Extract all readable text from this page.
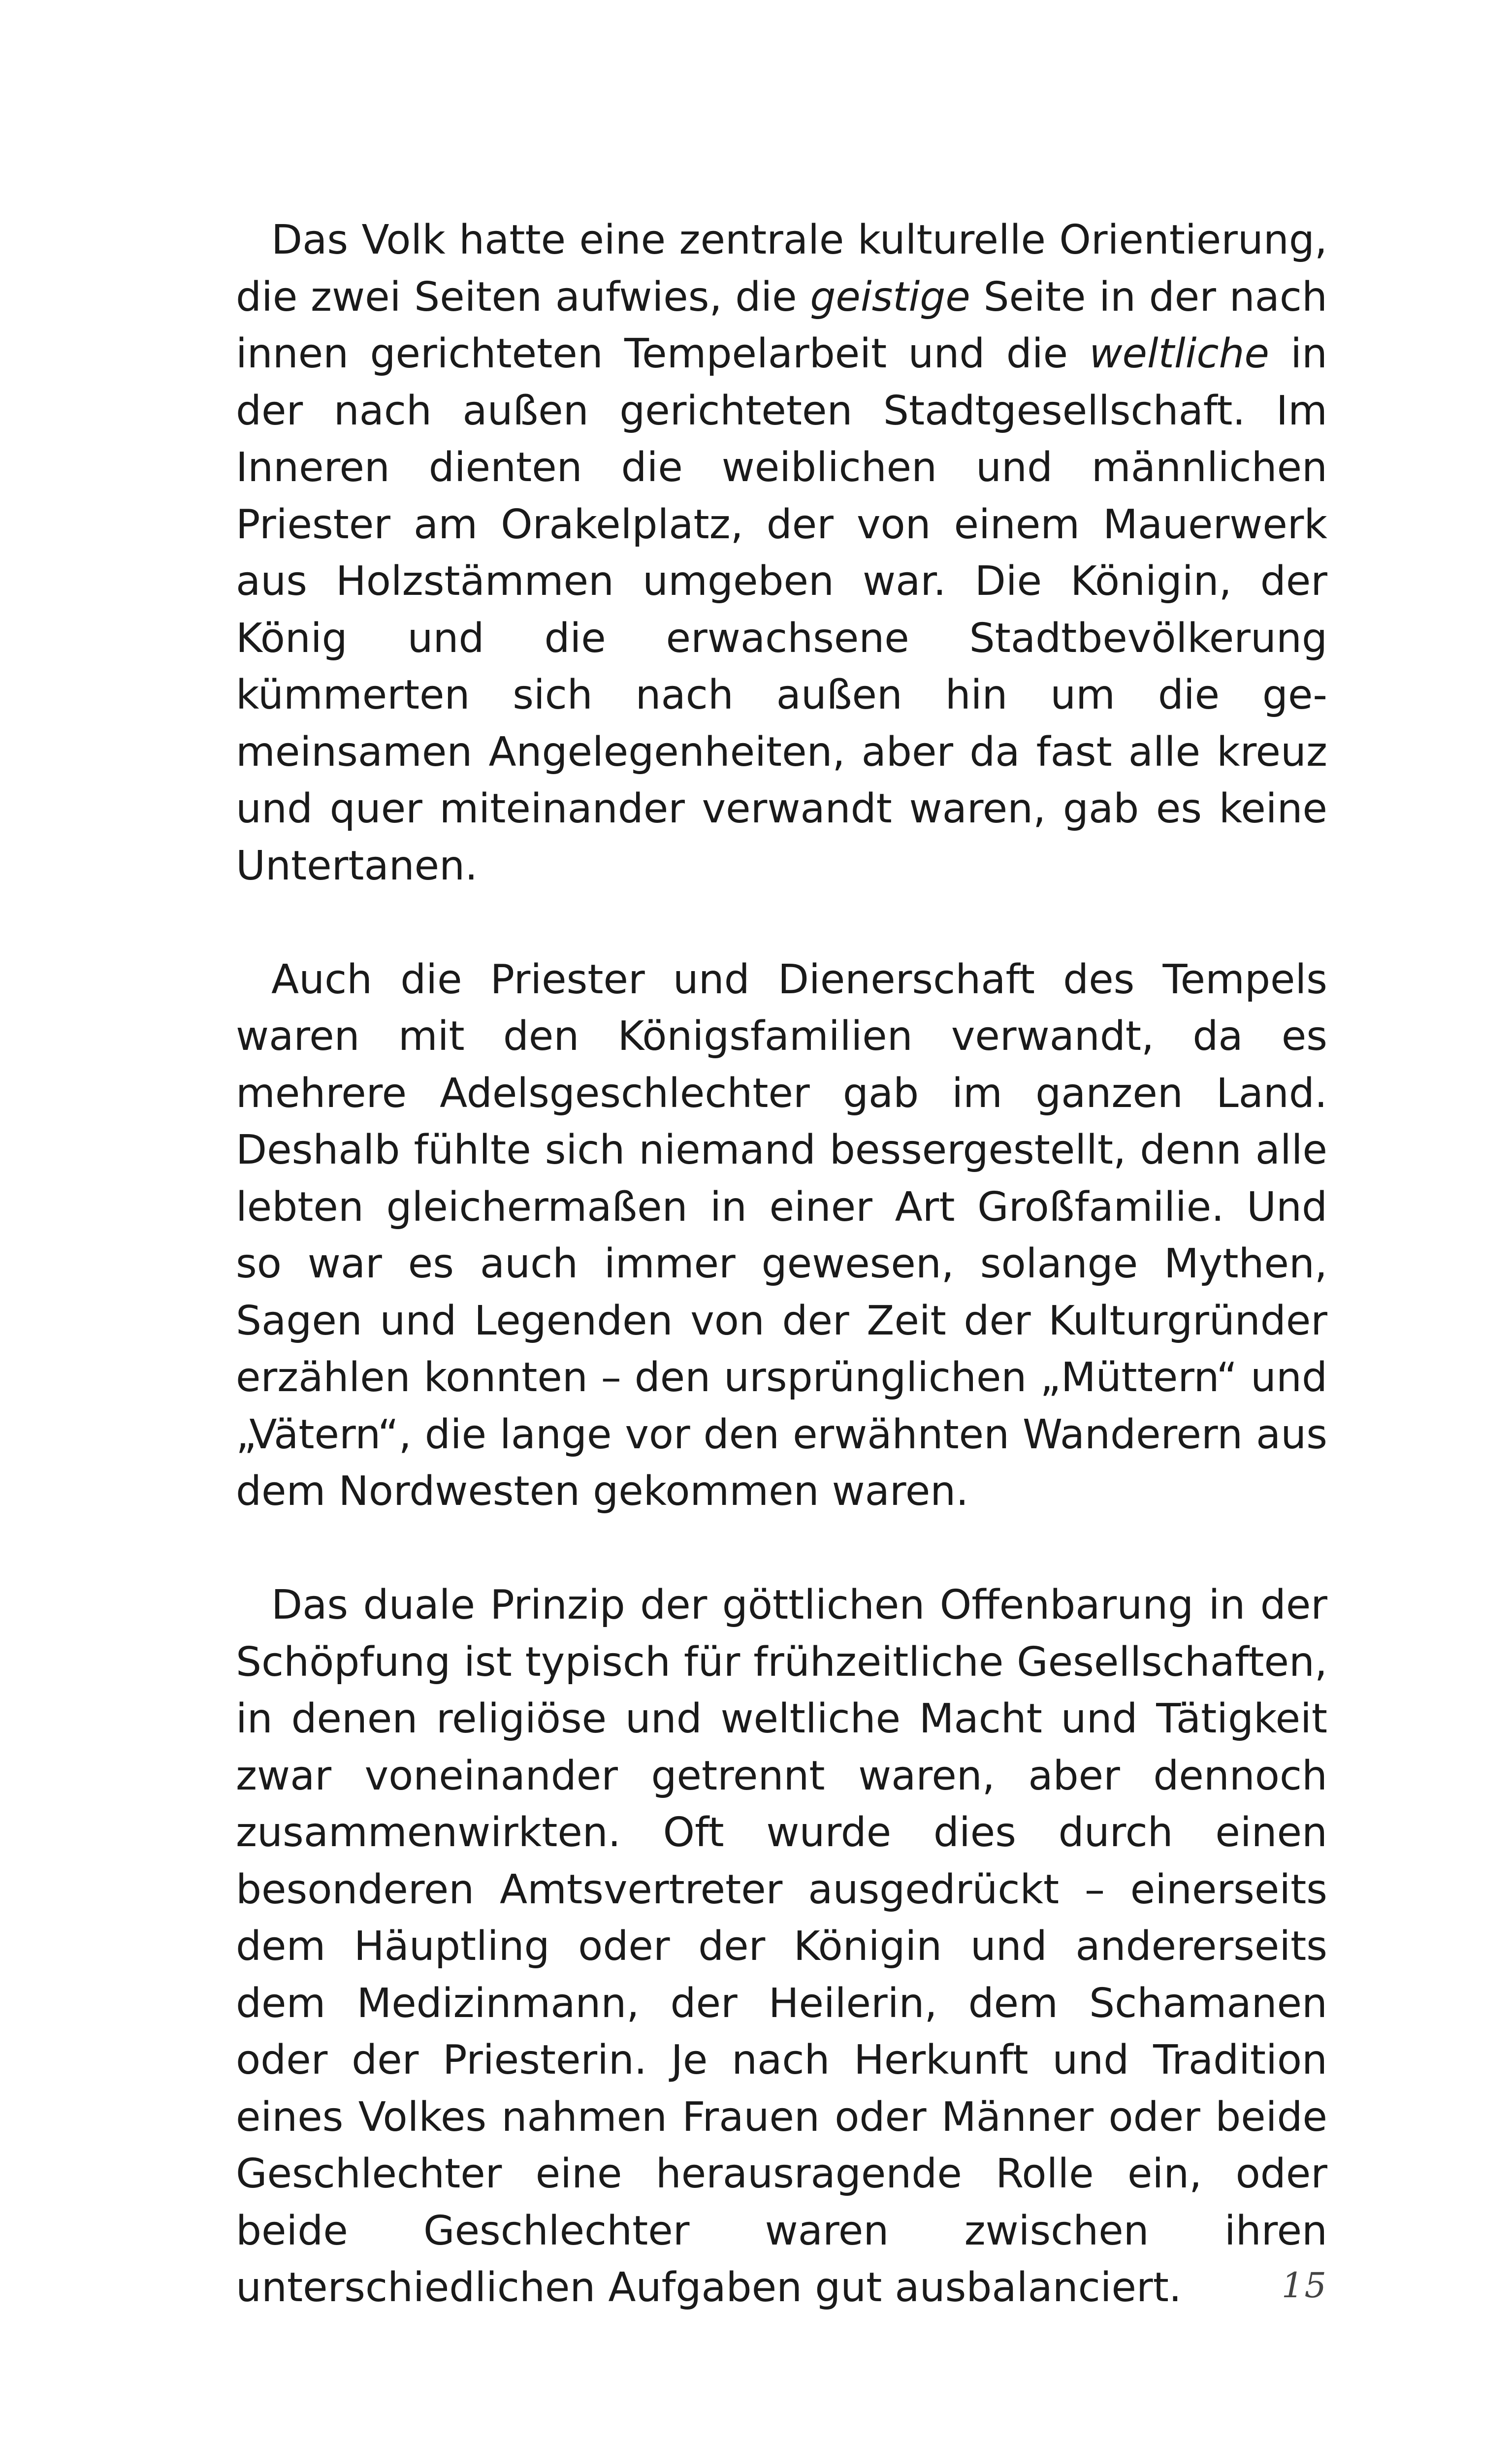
Das Volk hatte eine zentrale kulturelle Orientierung, die zwei Seiten aufwies, die geistige Seite in der nach innen gerichteten Tempelarbeit und die weltliche in der nach außen gerichteten Stadtgesellschaft. Im Inneren dienten die weiblichen und männlichen Priester am Orakelplatz, der von einem Mauerwerk aus Holzstämmen umgeben war. Die Königin, der König und die erwachsene Stadtbevölkerung kümmerten sich nach außen hin um die gemeinsamen Angelegenheiten, aber da fast alle kreuz und quer miteinander verwandt waren, gab es keine Untertanen.

Auch die Priester und Dienerschaft des Tempels waren mit den Königsfamilien verwandt, da es mehrere Adelsgeschlechter gab im ganzen Land. Deshalb fühlte sich niemand bessergestellt, denn alle lebten gleichermaßen in einer Art Großfamilie. Und so war es auch immer gewesen, solange Mythen, Sagen und Legenden von der Zeit der Kulturgründer erzählen konnten – den ursprünglichen „Müttern“ und „Vätern“, die lange vor den erwähnten Wanderern aus dem Nordwesten gekommen waren.

Das duale Prinzip der göttlichen Offenbarung in der Schöpfung ist typisch für frühzeitliche Gesellschaften, in denen religiöse und weltliche Macht und Tätigkeit zwar voneinander getrennt waren, aber dennoch zusammenwirkten. Oft wurde dies durch einen besonderen Amtsvertreter ausgedrückt – einerseits dem Häuptling oder der Königin und andererseits dem Medizinmann, der Heilerin, dem Schamanen oder der Priesterin. Je nach Herkunft und Tradition eines Volkes nahmen Frauen oder Männer oder beide Geschlechter eine herausragende Rolle ein, oder beide Geschlechter waren zwischen ihren unterschiedlichen Aufgaben gut ausbalanciert.	15
